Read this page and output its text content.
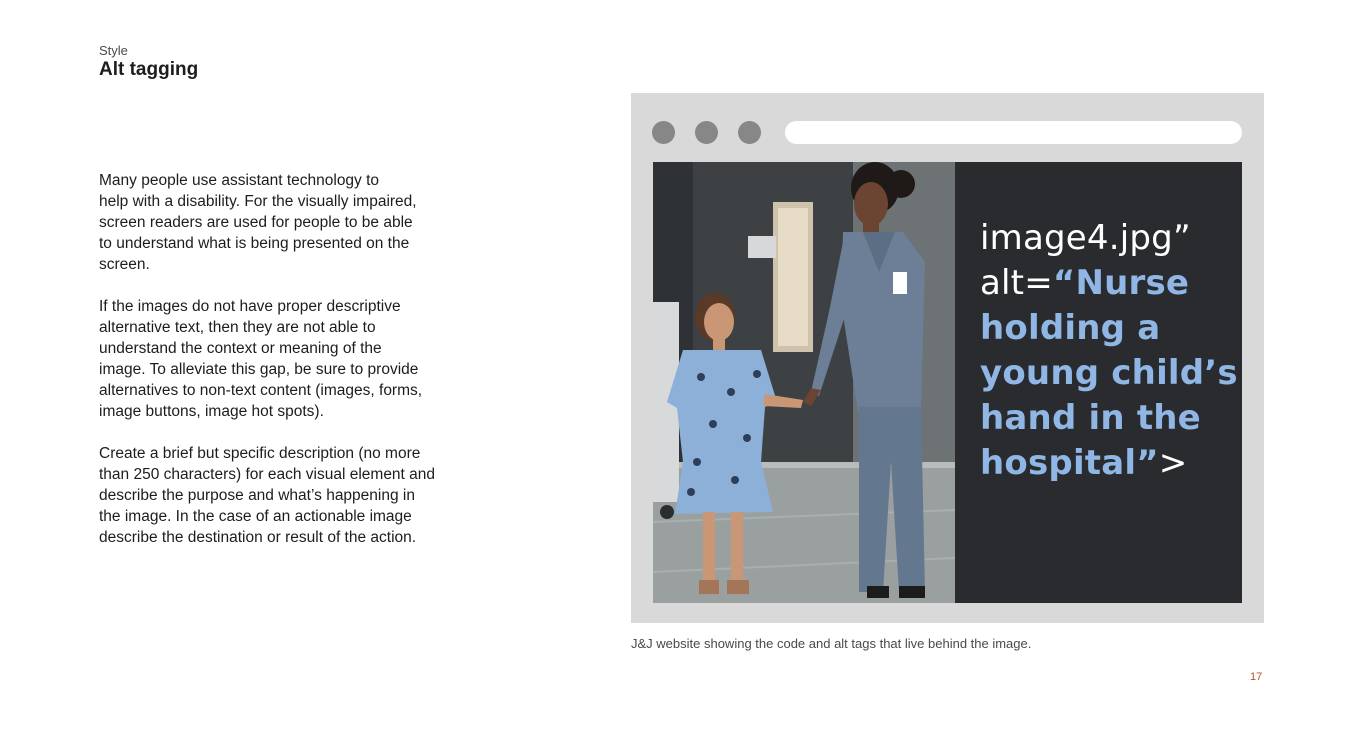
Style
Alt tagging

Many people use assistant technology to
help with a disability. For the visually impaired,
screen readers are used for people to be able
to understand what is being presented on the
screen.

If the images do not have proper descriptive
alternative text, then they are not able to
understand the context or meaning of the
image. To alleviate this gap, be sure to provide
alternatives to non-text content (images, forms,
image buttons, image hot spots).

Create a brief but specific description (no more
than 250 characters) for each visual element and
describe the purpose and what’s happening in
the image. In the case of an actionable image
describe the destination or result of the action.

image4.jpg” alt=“Nurse holding a young child’s hand in the hospital”>
J&J website showing the code and alt tags that live behind the image.
17
